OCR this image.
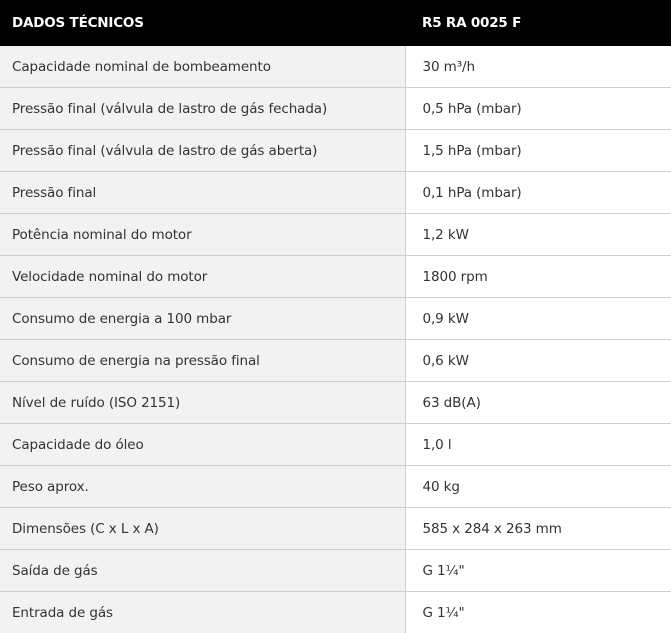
DADOS TÉCNICOS	R5 RA 0025 F
Capacidade nominal de bombeamento	30 m³/h
Pressão final (válvula de lastro de gás fechada)	0,5 hPa (mbar)
Pressão final (válvula de lastro de gás aberta)	1,5 hPa (mbar)
Pressão final	0,1 hPa (mbar)
Potência nominal do motor	1,2 kW
Velocidade nominal do motor	1800 rpm
Consumo de energia a 100 mbar	0,9 kW
Consumo de energia na pressão final	0,6 kW
Nível de ruído (ISO 2151)	63 dB(A)
Capacidade do óleo	1,0 l
Peso aprox.	40 kg
Dimensões (C x L x A)	585 x 284 x 263 mm
Saída de gás	G 1¼"
Entrada de gás	G 1¼"
